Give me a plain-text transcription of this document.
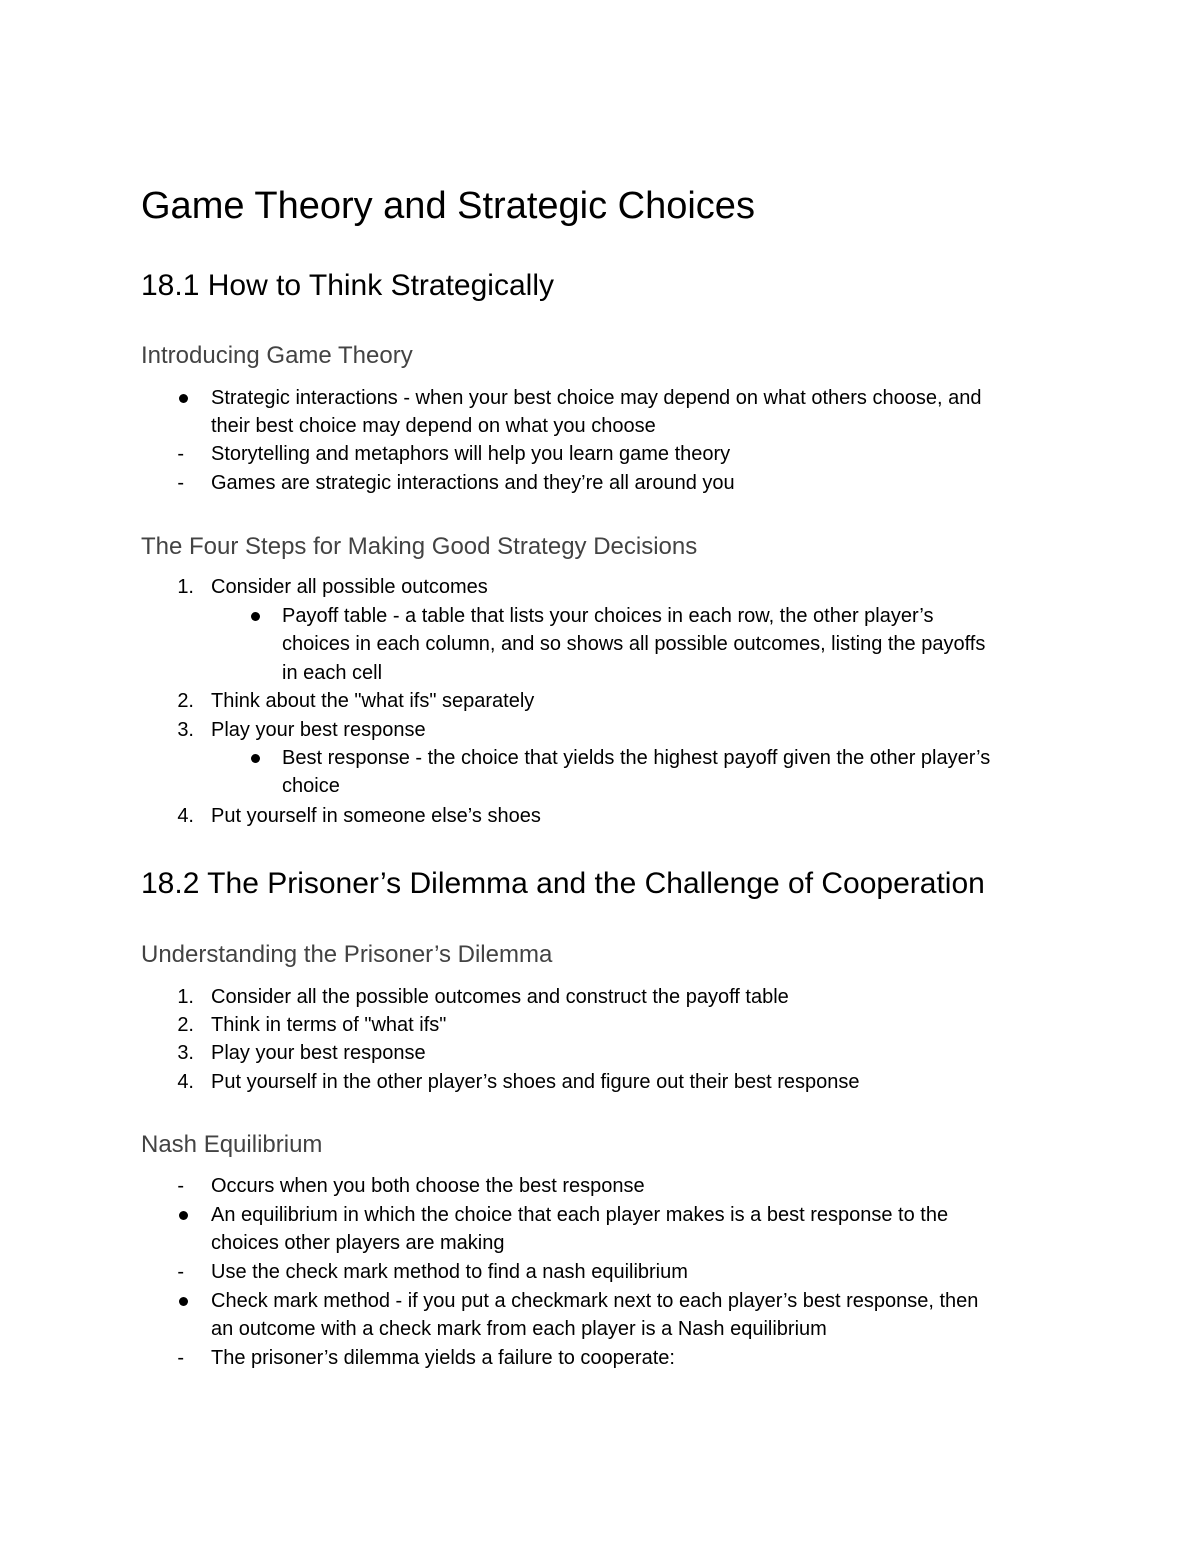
Game Theory and Strategic Choices
18.1 How to Think Strategically
Introducing Game Theory
Strategic interactions - when your best choice may depend on what others choose, and
their best choice may depend on what you choose
- Storytelling and metaphors will help you learn game theory
- Games are strategic interactions and they’re all around you
The Four Steps for Making Good Strategy Decisions
1. Consider all possible outcomes
Payoff table - a table that lists your choices in each row, the other player’s
choices in each column, and so shows all possible outcomes, listing the payoffs
in each cell
2. Think about the "what ifs" separately
3. Play your best response
Best response - the choice that yields the highest payoff given the other player’s
choice
4. Put yourself in someone else’s shoes
18.2 The Prisoner’s Dilemma and the Challenge of Cooperation
Understanding the Prisoner’s Dilemma
1. Consider all the possible outcomes and construct the payoff table
2. Think in terms of "what ifs"
3. Play your best response
4. Put yourself in the other player’s shoes and figure out their best response
Nash Equilibrium
- Occurs when you both choose the best response
An equilibrium in which the choice that each player makes is a best response to the
choices other players are making
- Use the check mark method to find a nash equilibrium
Check mark method - if you put a checkmark next to each player’s best response, then
an outcome with a check mark from each player is a Nash equilibrium
- The prisoner’s dilemma yields a failure to cooperate:
